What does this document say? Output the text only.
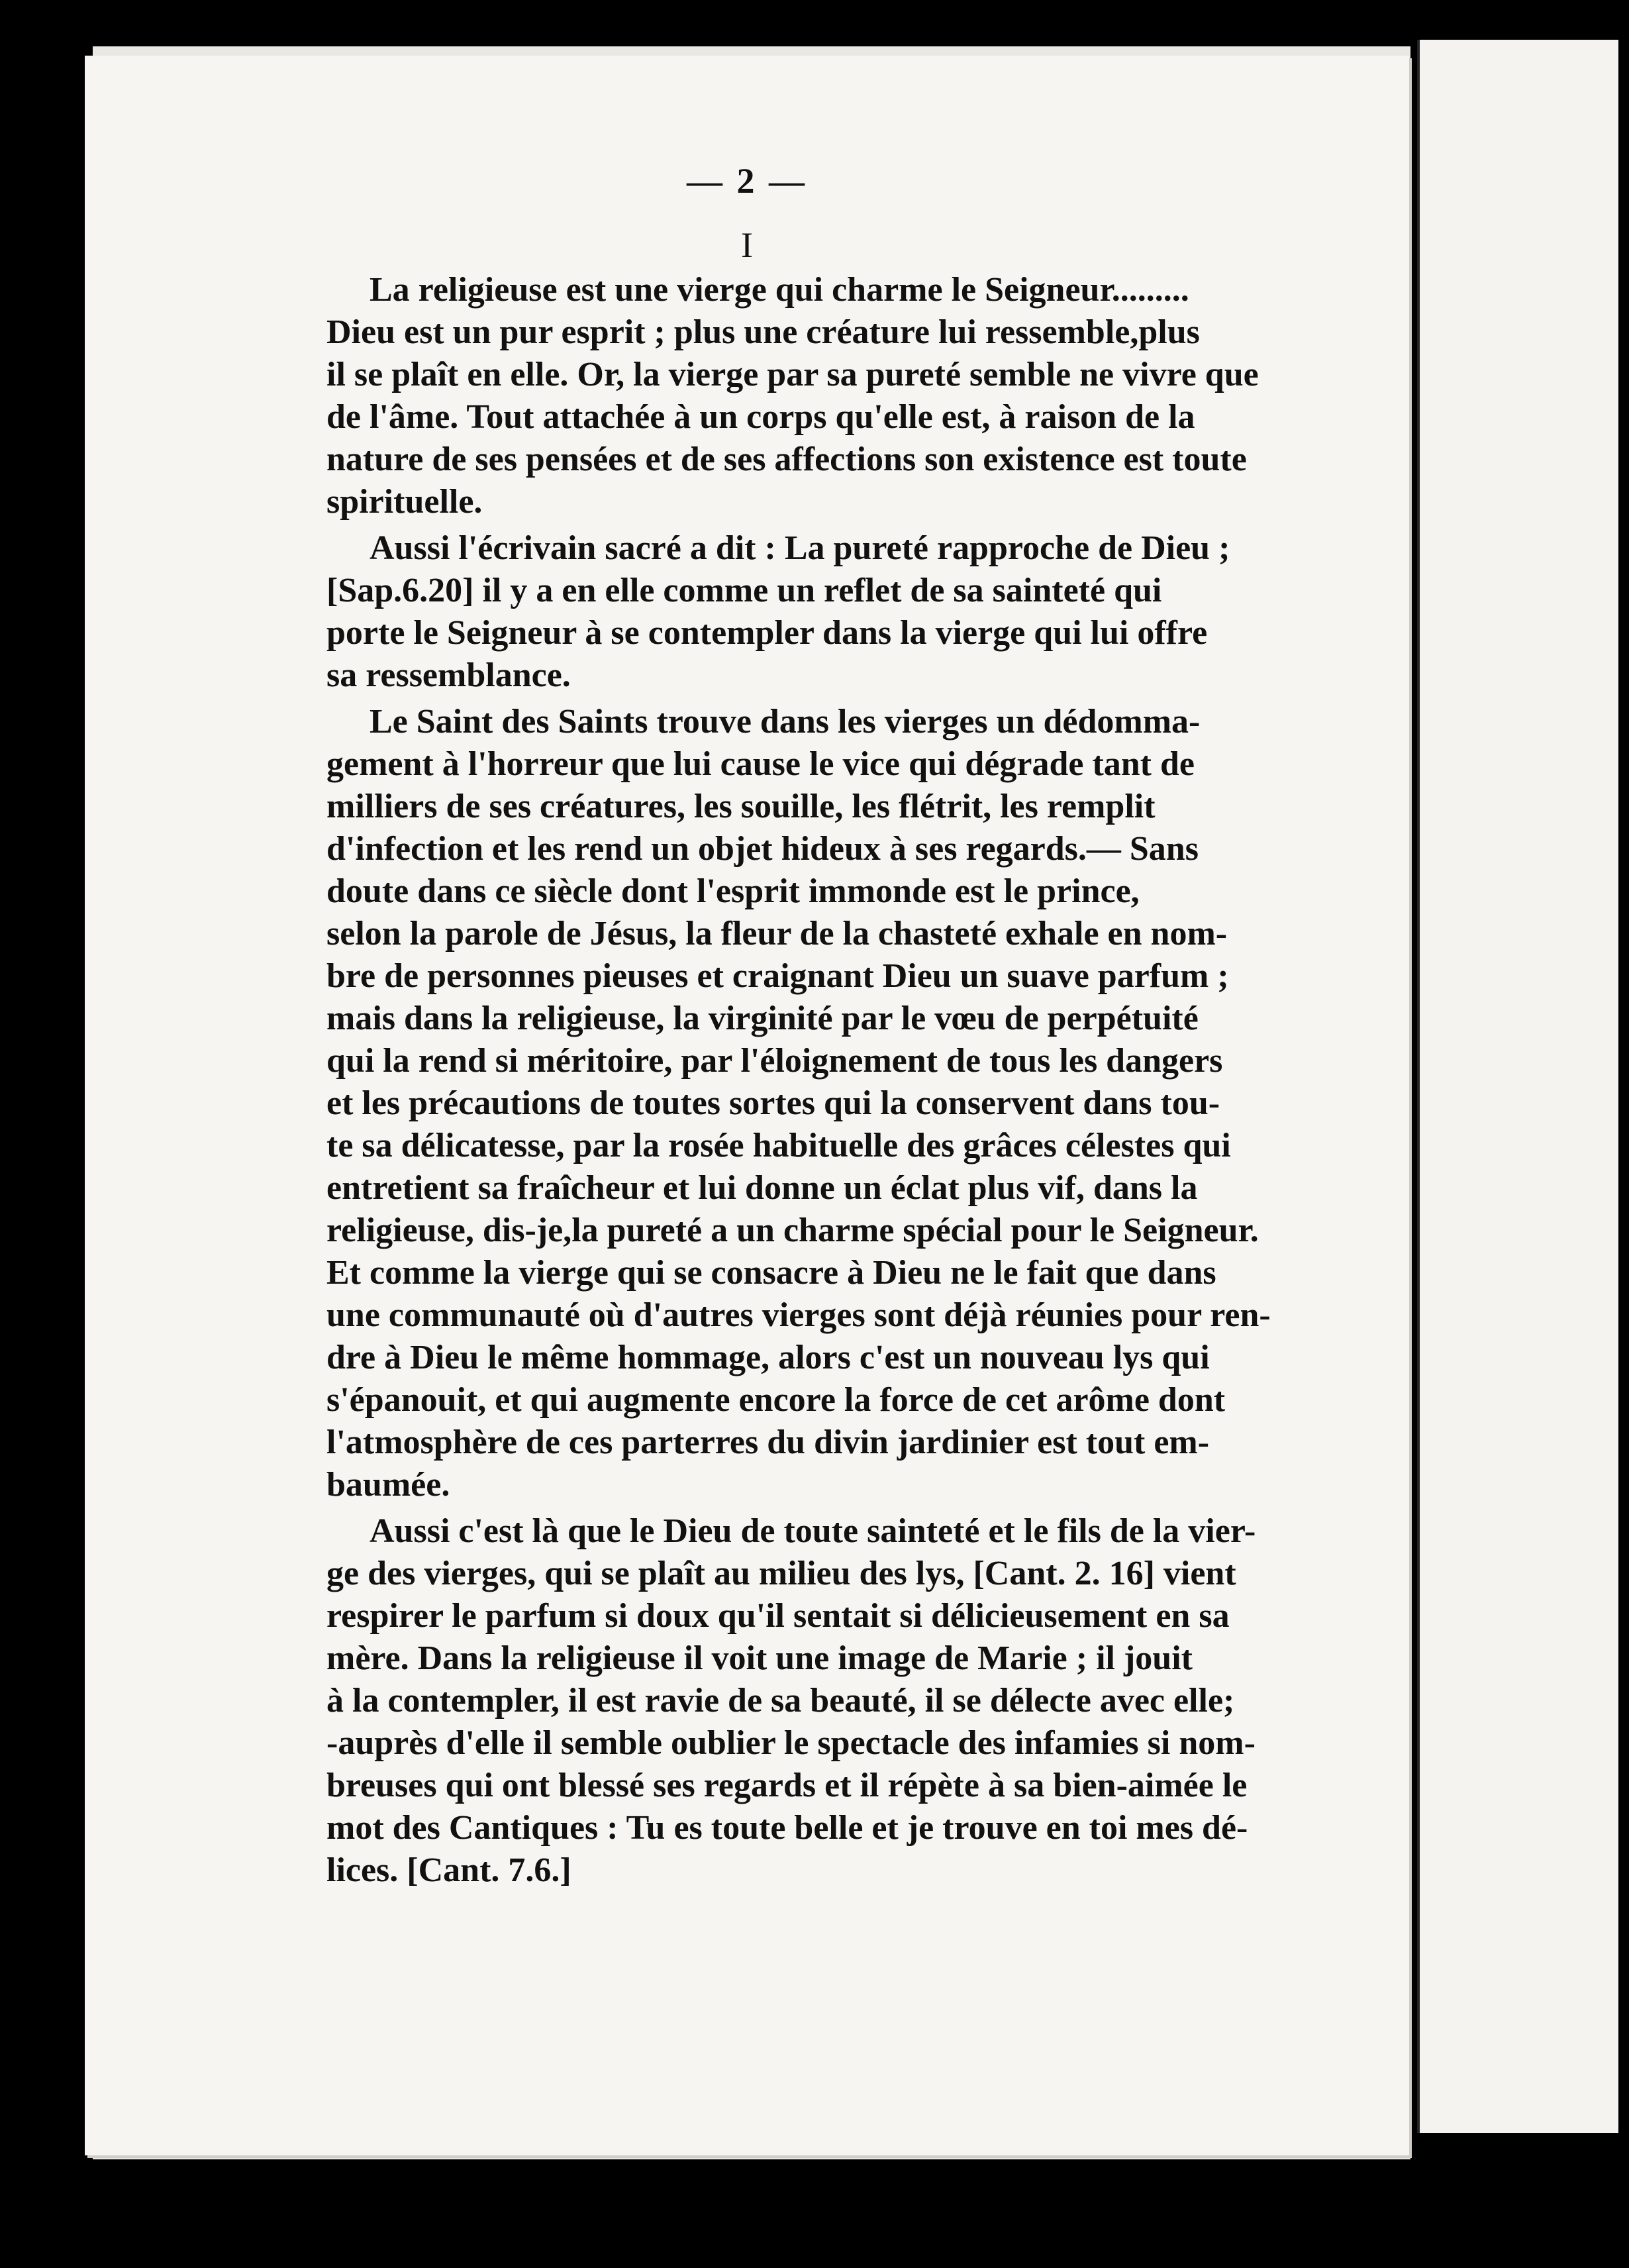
— 2 —
I

La religieuse est une vierge qui charme le Seigneur.........
Dieu est un pur esprit ; plus une créature lui ressemble,plus
il se plaît en elle. Or, la vierge par sa pureté semble ne vivre que
de l'âme. Tout attachée à un corps qu'elle est, à raison de la
nature de ses pensées et de ses affections son existence est toute
spirituelle.

Aussi l'écrivain sacré a dit : La pureté rapproche de Dieu ;
[Sap.6.20] il y a en elle comme un reflet de sa sainteté qui
porte le Seigneur à se contempler dans la vierge qui lui offre
sa ressemblance.

Le Saint des Saints trouve dans les vierges un dédomma-
gement à l'horreur que lui cause le vice qui dégrade tant de
milliers de ses créatures, les souille, les flétrit, les remplit
d'infection et les rend un objet hideux à ses regards.— Sans
doute dans ce siècle dont l'esprit immonde est le prince,
selon la parole de Jésus, la fleur de la chasteté exhale en nom-
bre de personnes pieuses et craignant Dieu un suave parfum ;
mais dans la religieuse, la virginité par le vœu de perpétuité
qui la rend si méritoire, par l'éloignement de tous les dangers
et les précautions de toutes sortes qui la conservent dans tou-
te sa délicatesse, par la rosée habituelle des grâces célestes qui
entretient sa fraîcheur et lui donne un éclat plus vif, dans la
religieuse, dis-je,la pureté a un charme spécial pour le Seigneur.
Et comme la vierge qui se consacre à Dieu ne le fait que dans
une communauté où d'autres vierges sont déjà réunies pour ren-
dre à Dieu le même hommage, alors c'est un nouveau lys qui
s'épanouit, et qui augmente encore la force de cet arôme dont
l'atmosphère de ces parterres du divin jardinier est tout em-
baumée.

Aussi c'est là que le Dieu de toute sainteté et le fils de la vier-
ge des vierges, qui se plaît au milieu des lys, [Cant. 2. 16] vient
respirer le parfum si doux qu'il sentait si délicieusement en sa
mère. Dans la religieuse il voit une image de Marie ; il jouit
à la contempler, il est ravie de sa beauté, il se délecte avec elle;
-auprès d'elle il semble oublier le spectacle des infamies si nom-
breuses qui ont blessé ses regards et il répète à sa bien-aimée le
mot des Cantiques : Tu es toute belle et je trouve en toi mes dé-
lices. [Cant. 7.6.]
